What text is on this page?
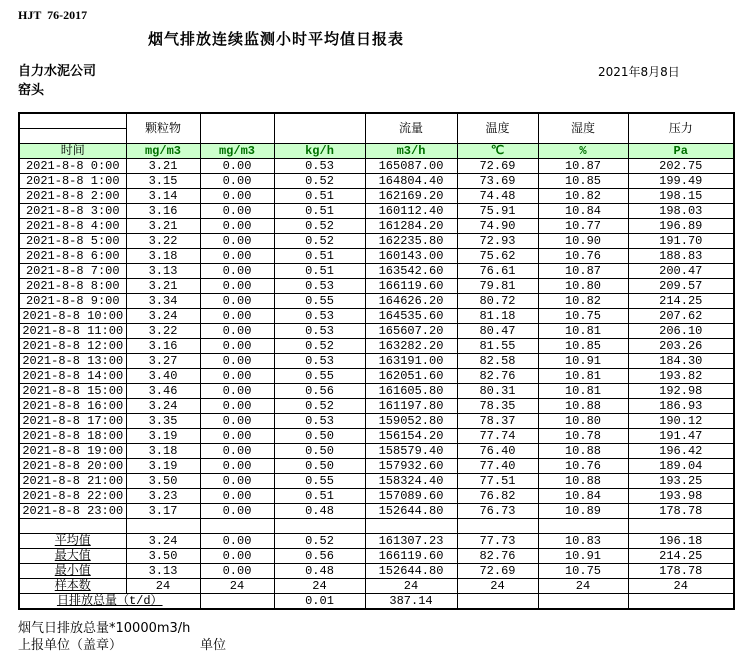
HJT  76-2017
烟气排放连续监测小时平均值日报表
自力水泥公司
窑头
2021年8月8日
	颗粒物			流量	温度	湿度	压力

时间	mg/m3	mg/m3	kg/h	m3/h	℃	%	Pa
2021-8-8 0:00	3.21	0.00	0.53	165087.00	72.69	10.87	202.75
2021-8-8 1:00	3.15	0.00	0.52	164804.40	73.69	10.85	199.49
2021-8-8 2:00	3.14	0.00	0.51	162169.20	74.48	10.82	198.15
2021-8-8 3:00	3.16	0.00	0.51	160112.40	75.91	10.84	198.03
2021-8-8 4:00	3.21	0.00	0.52	161284.20	74.90	10.77	196.89
2021-8-8 5:00	3.22	0.00	0.52	162235.80	72.93	10.90	191.70
2021-8-8 6:00	3.18	0.00	0.51	160143.00	75.62	10.76	188.83
2021-8-8 7:00	3.13	0.00	0.51	163542.60	76.61	10.87	200.47
2021-8-8 8:00	3.21	0.00	0.53	166119.60	79.81	10.80	209.57
2021-8-8 9:00	3.34	0.00	0.55	164626.20	80.72	10.82	214.25
2021-8-8 10:00	3.24	0.00	0.53	164535.60	81.18	10.75	207.62
2021-8-8 11:00	3.22	0.00	0.53	165607.20	80.47	10.81	206.10
2021-8-8 12:00	3.16	0.00	0.52	163282.20	81.55	10.85	203.26
2021-8-8 13:00	3.27	0.00	0.53	163191.00	82.58	10.91	184.30
2021-8-8 14:00	3.40	0.00	0.55	162051.60	82.76	10.81	193.82
2021-8-8 15:00	3.46	0.00	0.56	161605.80	80.31	10.81	192.98
2021-8-8 16:00	3.24	0.00	0.52	161197.80	78.35	10.88	186.93
2021-8-8 17:00	3.35	0.00	0.53	159052.80	78.37	10.80	190.12
2021-8-8 18:00	3.19	0.00	0.50	156154.20	77.74	10.78	191.47
2021-8-8 19:00	3.18	0.00	0.50	158579.40	76.40	10.88	196.42
2021-8-8 20:00	3.19	0.00	0.50	157932.60	77.40	10.76	189.04
2021-8-8 21:00	3.50	0.00	0.55	158324.40	77.51	10.88	193.25
2021-8-8 22:00	3.23	0.00	0.51	157089.60	76.82	10.84	193.98
2021-8-8 23:00	3.17	0.00	0.48	152644.80	76.73	10.89	178.78

平均值	3.24	0.00	0.52	161307.23	77.73	10.83	196.18
最大值	3.50	0.00	0.56	166119.60	82.76	10.91	214.25
最小值	3.13	0.00	0.48	152644.80	72.69	10.75	178.78
样本数	24	24	24	24	24	24	24
日排放总量（t/d）			0.01	387.14			
烟气日排放总量*10000m3/h
上报单位（盖章）	单位
